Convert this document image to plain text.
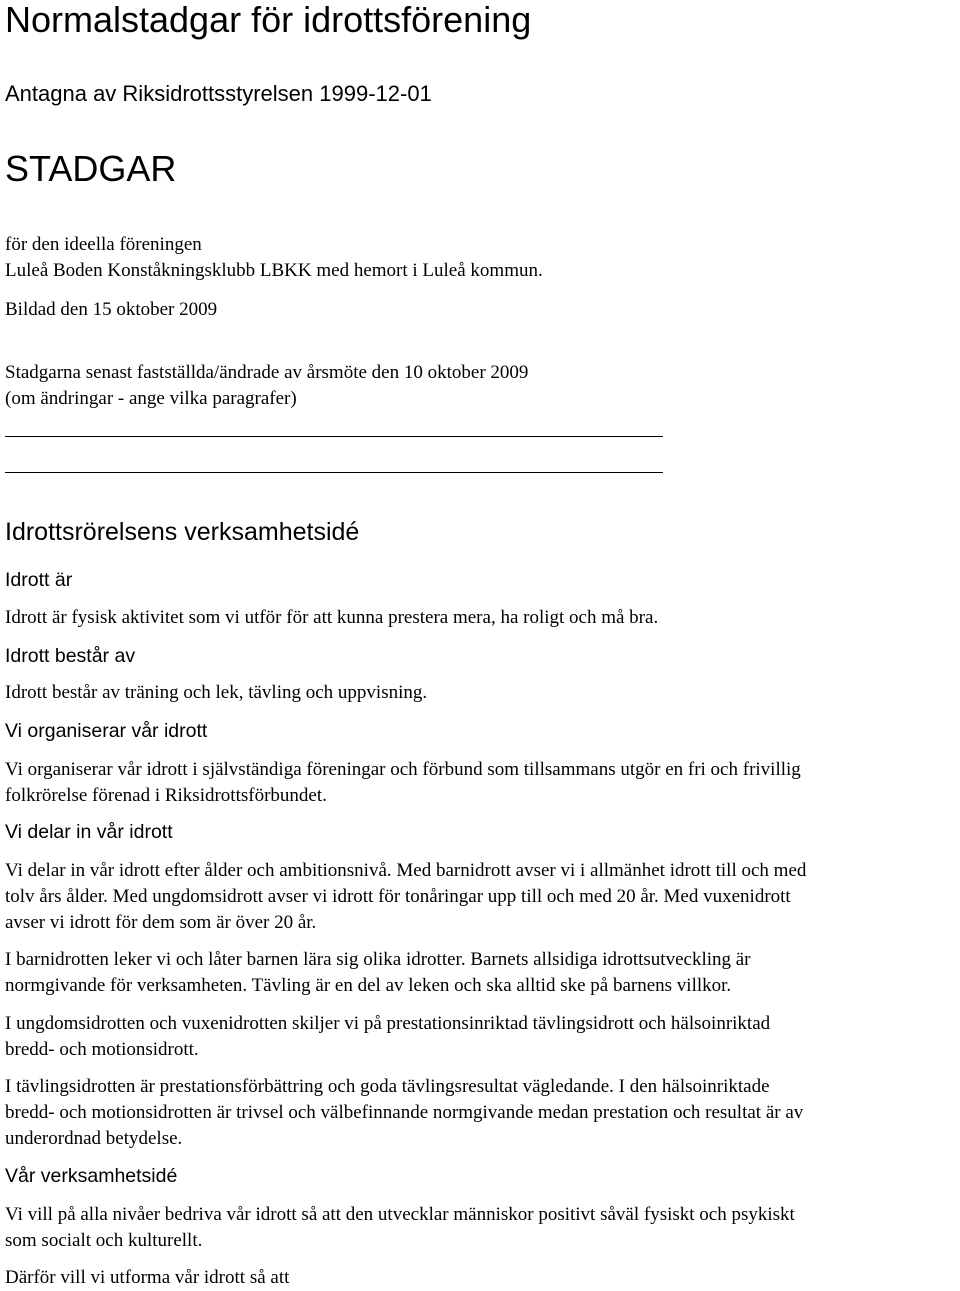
Normalstadgar för idrottsförening

Antagna av Riksidrottsstyrelsen 1999-12-01

STADGAR

för den ideella föreningen

Luleå Boden Konståkningsklubb LBKK med hemort i Luleå kommun.

Bildad den 15 oktober 2009

Stadgarna senast fastställda/ändrade av årsmöte den 10 oktober 2009

(om ändringar - ange vilka paragrafer)

Idrottsrörelsens verksamhetsidé
Idrott är

Idrott är fysisk aktivitet som vi utför för att kunna prestera mera, ha roligt och må bra.

Idrott består av

Idrott består av träning och lek, tävling och uppvisning.

Vi organiserar vår idrott

Vi organiserar vår idrott i självständiga föreningar och förbund som tillsammans utgör en fri och frivillig

folkrörelse förenad i Riksidrottsförbundet.

Vi delar in vår idrott

Vi delar in vår idrott efter ålder och ambitionsnivå. Med barnidrott avser vi i allmänhet idrott till och med

tolv års ålder. Med ungdomsidrott avser vi idrott för tonåringar upp till och med 20 år. Med vuxenidrott

avser vi idrott för dem som är över 20 år.

I barnidrotten leker vi och låter barnen lära sig olika idrotter. Barnets allsidiga idrottsutveckling är

normgivande för verksamheten. Tävling är en del av leken och ska alltid ske på barnens villkor.

I ungdomsidrotten och vuxenidrotten skiljer vi på prestationsinriktad tävlingsidrott och hälsoinriktad

bredd- och motionsidrott.

I tävlingsidrotten är prestationsförbättring och goda tävlingsresultat vägledande. I den hälsoinriktade

bredd- och motionsidrotten är trivsel och välbefinnande normgivande medan prestation och resultat är av

underordnad betydelse.

Vår verksamhetsidé

Vi vill på alla nivåer bedriva vår idrott så att den utvecklar människor positivt såväl fysiskt och psykiskt

som socialt och kulturellt.

Därför vill vi utforma vår idrott så att
